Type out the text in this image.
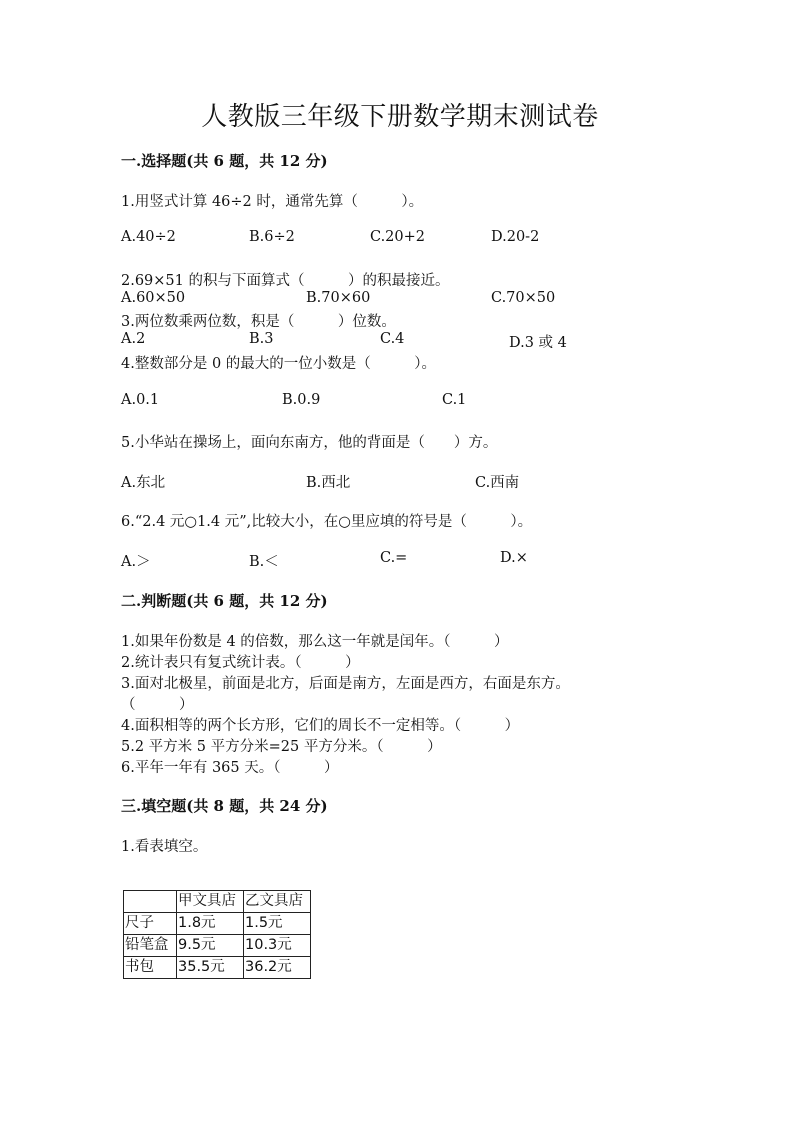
人教版三年级下册数学期末测试卷
一.选择题(共 6 题，共 12 分)
1.用竖式计算 46÷2 时，通常先算（　　　）。
A.40÷2	B.6÷2	C.20+2	D.20-2
2.69×51 的积与下面算式（　　　）的积最接近。
A.60×50	B.70×60	C.70×50
3.两位数乘两位数，积是（　　　）位数。
A.2	B.3	C.4	D.3 或 4
4.整数部分是 0 的最大的一位小数是（　　　）。
A.0.1	B.0.9	C.1
5.小华站在操场上，面向东南方，他的背面是（　　）方。
A.东北	B.西北	C.西南
6.“2.4 元○1.4 元”,比较大小，在○里应填的符号是（　　　）。
A.＞	B.＜	C.=	D.×
二.判断题(共 6 题，共 12 分)
1.如果年份数是 4 的倍数，那么这一年就是闰年。（　　　）
2.统计表只有复式统计表。（　　　）
3.面对北极星，前面是北方，后面是南方，左面是西方，右面是东方。
（　　　）
4.面积相等的两个长方形，它们的周长不一定相等。（　　　）
5.2 平方米 5 平方分米=25 平方分米。（　　　）
6.平年一年有 365 天。（　　　）
三.填空题(共 8 题，共 24 分)
1.看表填空。
	甲文具店	乙文具店
尺子	1.8元	1.5元
铅笔盒	9.5元	10.3元
书包	35.5元	36.2元
